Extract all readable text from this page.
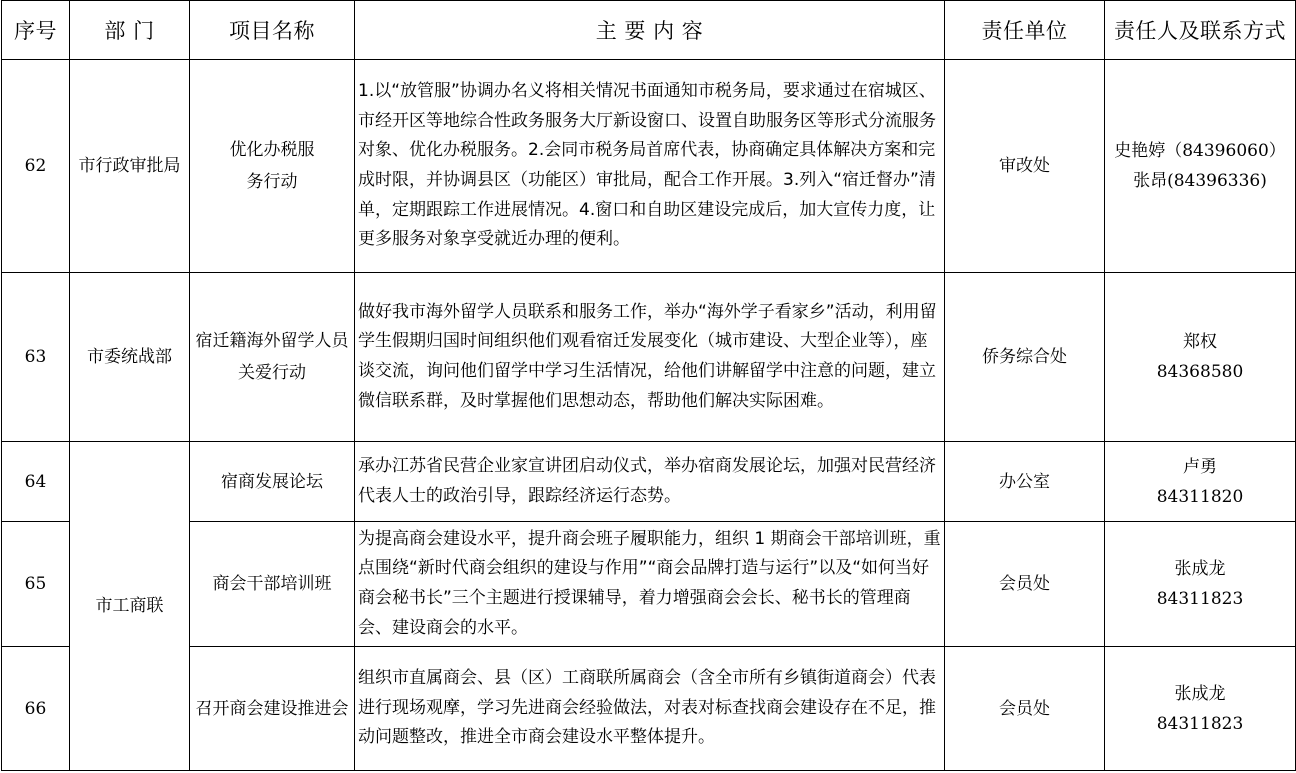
序号	部 门	项目名称	主 要 内 容	责任单位	责任人及联系方式
62	市行政审批局	优化办税服务行动	1.以“放管服”协调办名义将相关情况书面通知市税务局，要求通过在宿城区、市经开区等地综合性政务服务大厅新设窗口、设置自助服务区等形式分流服务对象、优化办税服务。2.会同市税务局首席代表，协商确定具体解决方案和完成时限，并协调县区（功能区）审批局，配合工作开展。3.列入“宿迁督办”清单，定期跟踪工作进展情况。4.窗口和自助区建设完成后，加大宣传力度，让更多服务对象享受就近办理的便利。	审改处	史艳婷（84396060）
张昂(84396336)

63	市委统战部	宿迁籍海外留学人员关爱行动	做好我市海外留学人员联系和服务工作，举办“海外学子看家乡”活动，利用留学生假期归国时间组织他们观看宿迁发展变化（城市建设、大型企业等），座谈交流，询问他们留学中学习生活情况，给他们讲解留学中注意的问题，建立微信联系群，及时掌握他们思想动态，帮助他们解决实际困难。	侨务综合处	郑权
84368580

64	市工商联	宿商发展论坛	承办江苏省民营企业家宣讲团启动仪式，举办宿商发展论坛，加强对民营经济代表人士的政治引导，跟踪经济运行态势。	办公室	卢勇
84311820

65		商会干部培训班	为提高商会建设水平，提升商会班子履职能力，组织 1 期商会干部培训班，重点围绕“新时代商会组织的建设与作用”“商会品牌打造与运行”以及“如何当好商会秘书长”三个主题进行授课辅导，着力增强商会会长、秘书长的管理商会、建设商会的水平。	会员处	张成龙
84311823

66		召开商会建设推进会	组织市直属商会、县（区）工商联所属商会（含全市所有乡镇街道商会）代表进行现场观摩，学习先进商会经验做法，对表对标查找商会建设存在不足，推动问题整改，推进全市商会建设水平整体提升。	会员处	张成龙
84311823
